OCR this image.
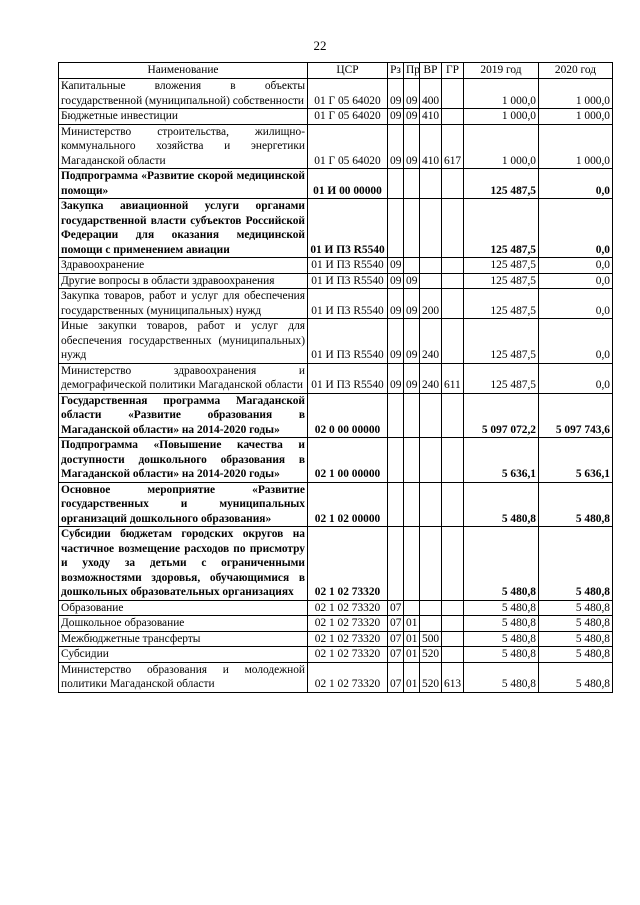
22
Наименование	ЦСР	Рз	Пр	ВР	ГР	2019 год	2020 год
Капитальные вложения в объекты государственной (муниципальной) собственности	01 Г 05 64020	09	09	400		1 000,0	1 000,0
Бюджетные инвестиции	01 Г 05 64020	09	09	410		1 000,0	1 000,0
Министерство строительства, жилищно-коммунального хозяйства и энергетики Магаданской области	01 Г 05 64020	09	09	410	617	1 000,0	1 000,0
Подпрограмма «Развитие скорой медицинской помощи»	01 И 00 00000					125 487,5	0,0
Закупка авиационной услуги органами государственной власти субъектов Российской Федерации для оказания медицинской помощи с применением авиации	01 И П3 R5540					125 487,5	0,0
Здравоохранение	01 И П3 R5540	09				125 487,5	0,0
Другие вопросы в области здравоохранения	01 И П3 R5540	09	09			125 487,5	0,0
Закупка товаров, работ и услуг для обеспечения государственных (муниципальных) нужд	01 И П3 R5540	09	09	200		125 487,5	0,0
Иные закупки товаров, работ и услуг для обеспечения государственных (муниципальных) нужд	01 И П3 R5540	09	09	240		125 487,5	0,0
Министерство здравоохранения и демографической политики Магаданской области	01 И П3 R5540	09	09	240	611	125 487,5	0,0
Государственная программа Магаданской области «Развитие образования в Магаданской области» на 2014-2020 годы»	02 0 00 00000					5 097 072,2	5 097 743,6
Подпрограмма «Повышение качества и доступности дошкольного образования в Магаданской области» на 2014-2020 годы»	02 1 00 00000					5 636,1	5 636,1
Основное мероприятие «Развитие государственных и муниципальных организаций дошкольного образования»	02 1 02 00000					5 480,8	5 480,8
Субсидии бюджетам городских округов на частичное возмещение расходов по присмотру и уходу за детьми с ограниченными возможностями здоровья, обучающимися в дошкольных образовательных организациях	02 1 02 73320					5 480,8	5 480,8
Образование	02 1 02 73320	07				5 480,8	5 480,8
Дошкольное образование	02 1 02 73320	07	01			5 480,8	5 480,8
Межбюджетные трансферты	02 1 02 73320	07	01	500		5 480,8	5 480,8
Субсидии	02 1 02 73320	07	01	520		5 480,8	5 480,8
Министерство образования и молодежной политики Магаданской области	02 1 02 73320	07	01	520	613	5 480,8	5 480,8
